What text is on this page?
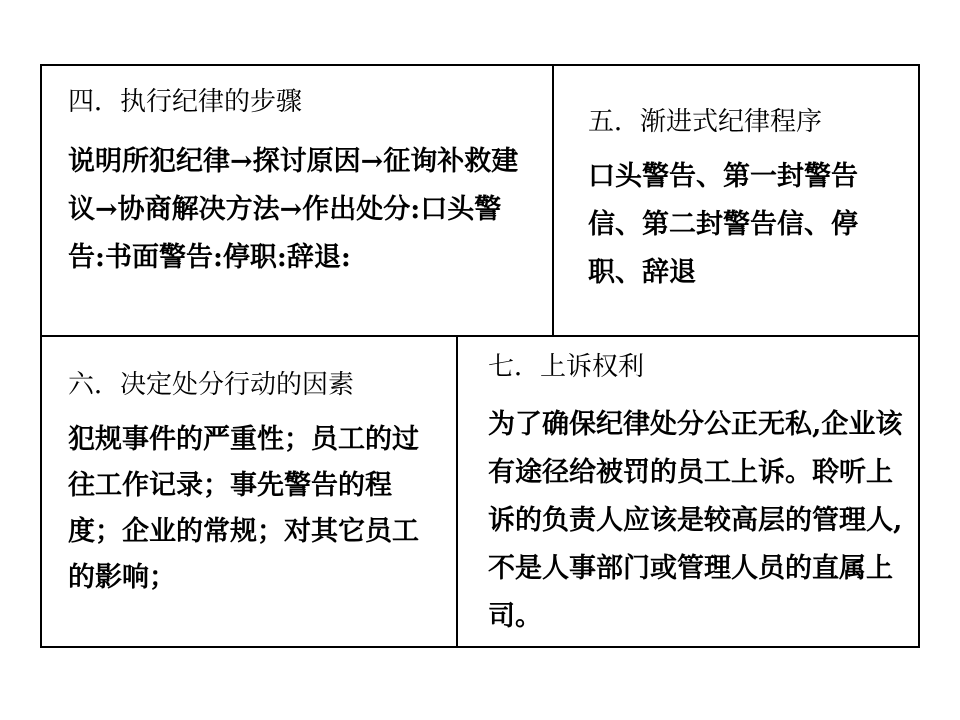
四．执行纪律的步骤
说明所犯纪律→探讨原因→征询补救建议→协商解决方法→作出处分:口头警告:书面警告:停职:辞退:
五．渐进式纪律程序
口头警告、第一封警告信、第二封警告信、停职、辞退
六．决定处分行动的因素
犯规事件的严重性；员工的过往工作记录；事先警告的程度；企业的常规；对其它员工的影响；
七．上诉权利
为了确保纪律处分公正无私,企业该有途径给被罚的员工上诉。聆听上诉的负责人应该是较高层的管理人,不是人事部门或管理人员的直属上司。
